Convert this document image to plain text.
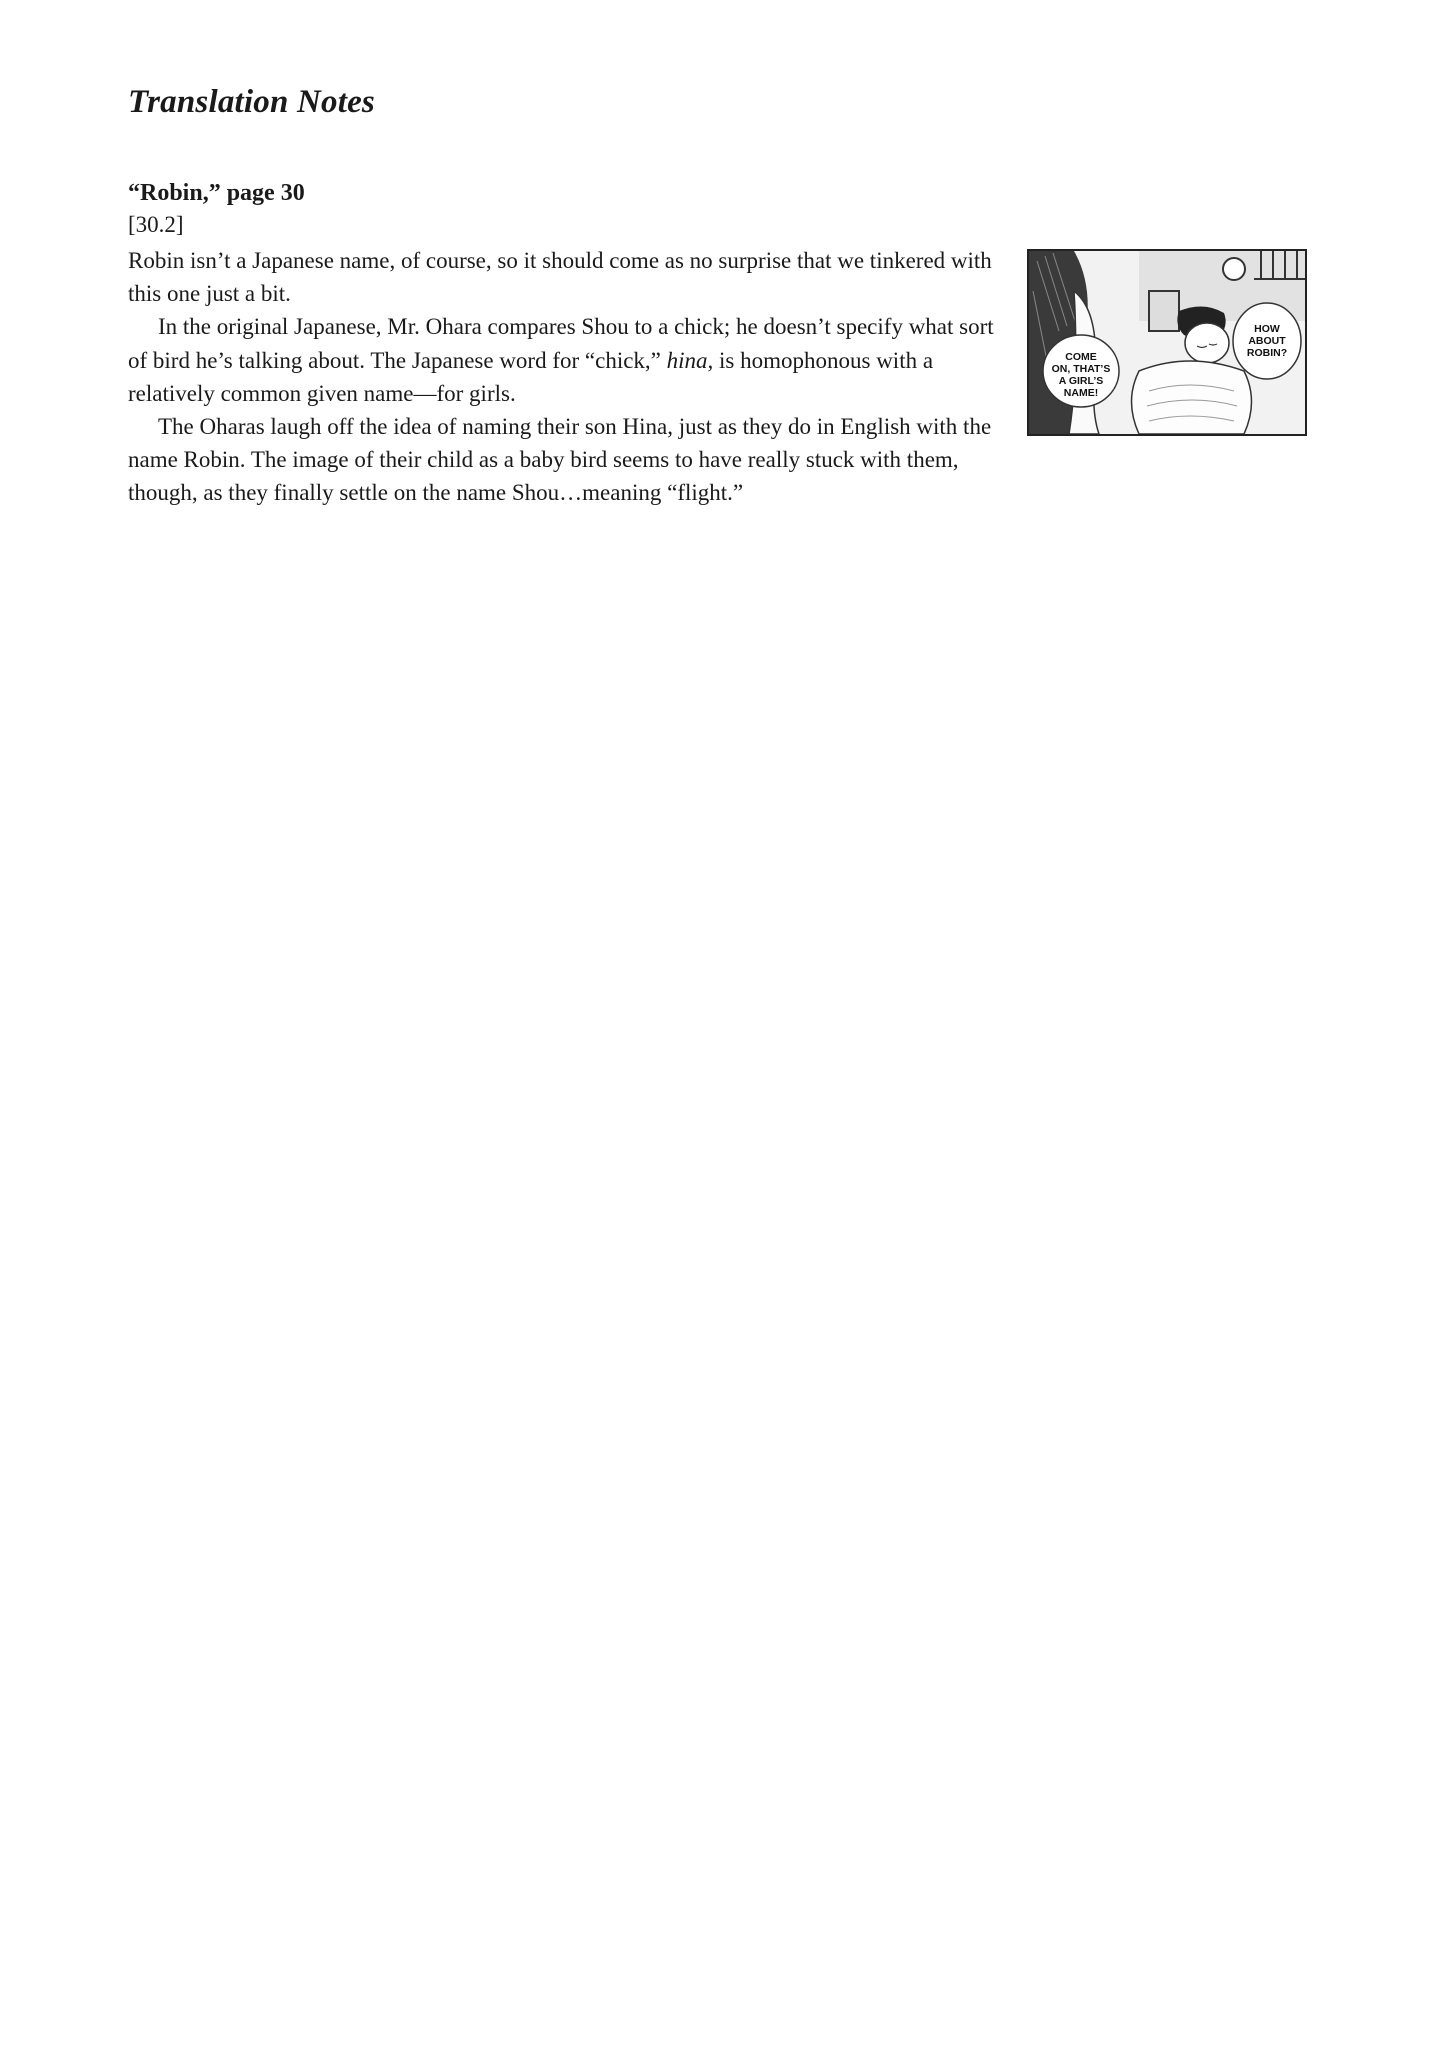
Translation Notes
“Robin,” page 30
[30.2]

Robin isn’t a Japanese name, of course, so it should come as no surprise that we tinkered with this one just a bit.

In the original Japanese, Mr. Ohara compares Shou to a chick; he doesn’t specify what sort of bird he’s talking about. The Japanese word for “chick,” hina, is homophonous with a relatively common given name—for girls.

The Oharas laugh off the idea of naming their son Hina, just as they do in English with the name Robin. The image of their child as a baby bird seems to have really stuck with them, though, as they finally settle on the name Shou…meaning “flight.”

COME
ON, THAT’S
A GIRL’S
NAME!
HOW
ABOUT
ROBIN?
